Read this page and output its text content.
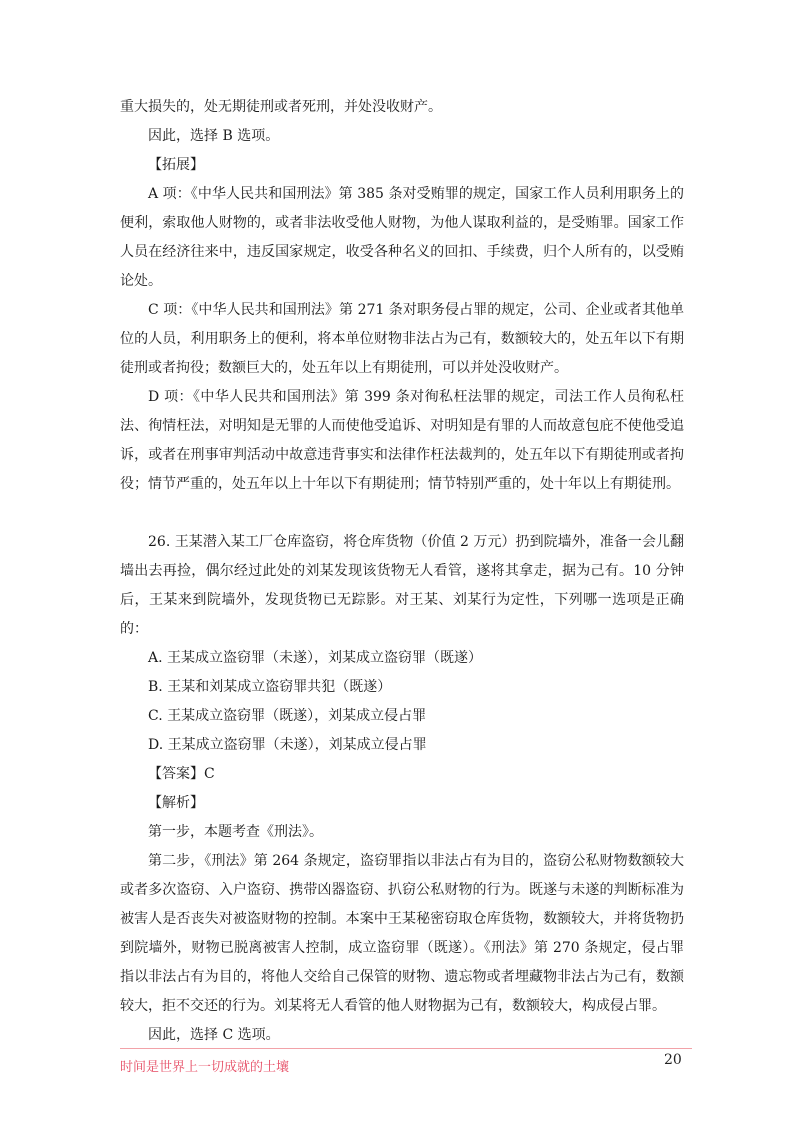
重大损失的，处无期徒刑或者死刑，并处没收财产。

因此，选择 B 选项。

【拓展】

A 项：《中华人民共和国刑法》第 385 条对受贿罪的规定，国家工作人员利用职务上的便利，索取他人财物的，或者非法收受他人财物，为他人谋取利益的，是受贿罪。国家工作人员在经济往来中，违反国家规定，收受各种名义的回扣、手续费，归个人所有的，以受贿论处。

C 项：《中华人民共和国刑法》第 271 条对职务侵占罪的规定，公司、企业或者其他单位的人员，利用职务上的便利，将本单位财物非法占为己有，数额较大的，处五年以下有期徒刑或者拘役；数额巨大的，处五年以上有期徒刑，可以并处没收财产。

D 项：《中华人民共和国刑法》第 399 条对徇私枉法罪的规定，司法工作人员徇私枉法、徇情枉法，对明知是无罪的人而使他受追诉、对明知是有罪的人而故意包庇不使他受追诉，或者在刑事审判活动中故意违背事实和法律作枉法裁判的，处五年以下有期徒刑或者拘役；情节严重的，处五年以上十年以下有期徒刑；情节特别严重的，处十年以上有期徒刑。

26. 王某潜入某工厂仓库盗窃，将仓库货物（价值 2 万元）扔到院墙外，准备一会儿翻墙出去再捡，偶尔经过此处的刘某发现该货物无人看管，遂将其拿走，据为己有。10 分钟后，王某来到院墙外，发现货物已无踪影。对王某、刘某行为定性，下列哪一选项是正确的：

A. 王某成立盗窃罪（未遂），刘某成立盗窃罪（既遂）

B. 王某和刘某成立盗窃罪共犯（既遂）

C. 王某成立盗窃罪（既遂），刘某成立侵占罪

D. 王某成立盗窃罪（未遂），刘某成立侵占罪

【答案】C

【解析】

第一步，本题考查《刑法》。

第二步，《刑法》第 264 条规定，盗窃罪指以非法占有为目的，盗窃公私财物数额较大或者多次盗窃、入户盗窃、携带凶器盗窃、扒窃公私财物的行为。既遂与未遂的判断标准为被害人是否丧失对被盗财物的控制。本案中王某秘密窃取仓库货物，数额较大，并将货物扔到院墙外，财物已脱离被害人控制，成立盗窃罪（既遂）。《刑法》第 270 条规定，侵占罪指以非法占有为目的，将他人交给自己保管的财物、遗忘物或者埋藏物非法占为己有，数额较大，拒不交还的行为。刘某将无人看管的他人财物据为己有，数额较大，构成侵占罪。

因此，选择 C 选项。

时间是世界上一切成就的土壤	20
